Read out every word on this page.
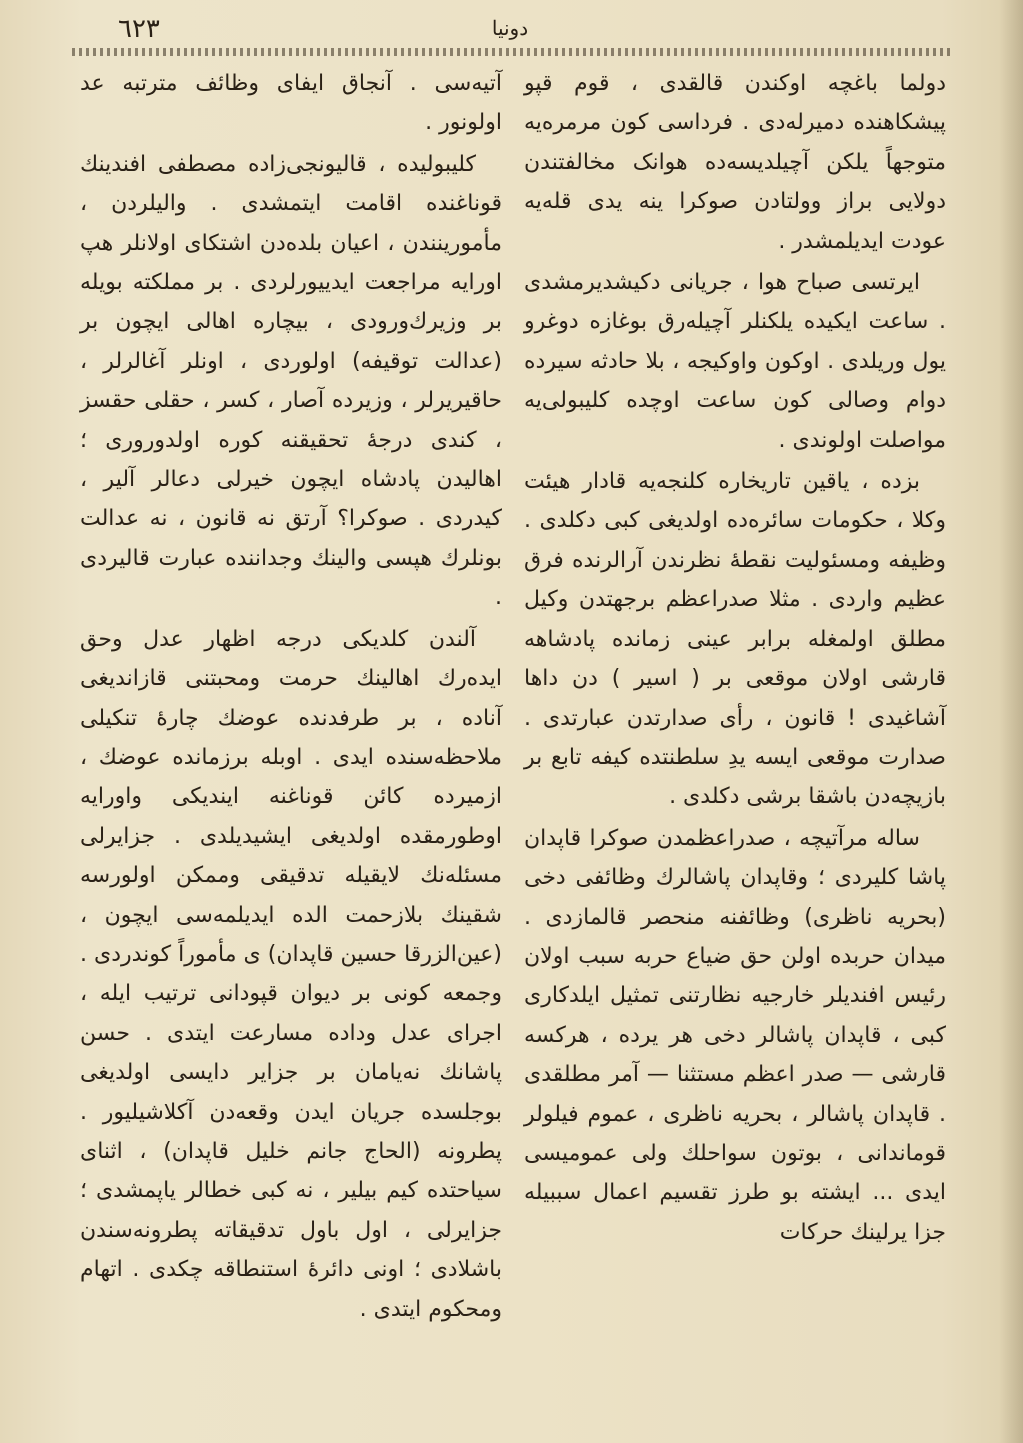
٦٢٣	دونیا

دولما باغچه اوکندن قالقدی ، قوم قپو پیشکاهنده دمیرله‌دی . فرداسی کون مرمره‌یه متوجهاً یلکن آچیلدیسه‌ده هوانک مخالفتندن دولایی براز وولتادن صوکرا ینه یدی قله‌یه عودت ایدیلمشدر .

ایرتسی صباح هوا ، جریانی دکیشدیرمشدی . ساعت ایکیده یلکنلر آچیله‌رق بوغازه دوغرو یول وریلدی . اوکون واوکیجه ، بلا حادثه سیرده دوام وصالی کون ساعت اوچده کلیبولی‌یه مواصلت اولوندی .

بزده ، یاقین تاریخاره کلنجه‌یه قادار هیئت وکلا ، حکومات سائره‌ده اولدیغی کبی دکلدی . وظیفه ومسئولیت نقطهٔ نظرندن آرالرنده فرق عظیم واردی . مثلا صدراعظم برجهتدن وکیل مطلق اولمغله برابر عینی زمانده پادشاهه قارشی اولان موقعی بر ( اسیر ) دن داها آشاغیدی ! قانون ، رأی صدارتدن عبارتدی . صدارت موقعی ایسه یدِ سلطنتده کیفه تابع بر بازیچه‌دن باشقا برشی دکلدی .

ساله مرآتیچه ، صدراعظمدن صوکرا قاپدان پاشا کلیردی ؛ وقاپدان پاشالرك وظائفی دخی (بحریه ناظری) وظائفنه منحصر قالمازدی . میدان حربده اولن حق ضیاع حربه سبب اولان رئیس افندیلر خارجیه نظارتنی تمثیل ایلدکاری کبی ، قاپدان پاشالر دخی هر یرده ، هرکسه قارشی — صدر اعظم مستثنا — آمر مطلقدی . قاپدان پاشالر ، بحریه ناظری ، عموم فیلولر قوماندانی ، بوتون سواحلك ولی عمومیسی ایدی ... ایشته بو طرز تقسیم اعمال سببیله جزا یرلینك حرکات

آتیه‌سی . آنجاق ایفای وظائف مترتبه عد اولونور .

کلیبولیده ، قالیونجی‌زاده مصطفی افندینك قوناغنده اقامت ایتمشدی . والیلردن ، مأمورینندن ، اعیان بلده‌دن اشتکای اولانلر هپ اورایه مراجعت ایدییورلردی . بر مملکته بویله بر وزیرك‌ورودی ، بیچاره اهالی ایچون بر (عدالت توقیفه) اولوردی ، اونلر آغالرلر ، حاقیریرلر ، وزیرده آصار ، کسر ، حقلی حقسز ، کندی درجهٔ تحقیقنه کوره اولدوروری ؛ اهالیدن پادشاه ایچون خیرلی دعالر آلیر ، کیدردی . صوکرا؟ آرتق نه قانون ، نه عدالت بونلرك هپسی والینك وجداننده عبارت قالیردی .

آلندن کلدیکی درجه اظهار عدل وحق ایده‌رك اهالینك حرمت ومحبتنی قازاندیغی آناده ، بر طرفدنده عوضك چارهٔ تنکیلی ملاحظه‌سنده ایدی . اوبله برزمانده عوضك ، ازمیرده کائن قوناغنه ایندیکی واورایه اوطورمقده اولدیغی ایشیدیلدی . جزایرلی مسئله‌نك لایقیله تدقیقی وممکن اولورسه شقینك بلازحمت الده ایدیلمه‌سی ایچون ، (عین‌الزرقا حسین قاپدان) ی مأموراً کوندردی . وجمعه کونی بر دیوان قپودانی ترتیب ایله ، اجرای عدل وداده مسارعت ایتدی . حسن پاشانك نه‌یامان بر جزایر دایسی اولدیغی بوجلسده جریان ایدن وقعه‌دن آکلاشیلیور . پطرونه (الحاج جانم خلیل قاپدان) ، اثنای سیاحتده کیم بیلیر ، نه کبی خطالر یاپمشدی ؛ جزایرلی ، اول باول تدقیقاته پطرونه‌سندن باشلادی ؛ اونی دائرهٔ استنطاقه چکدی . اتهام ومحکوم ایتدی .
